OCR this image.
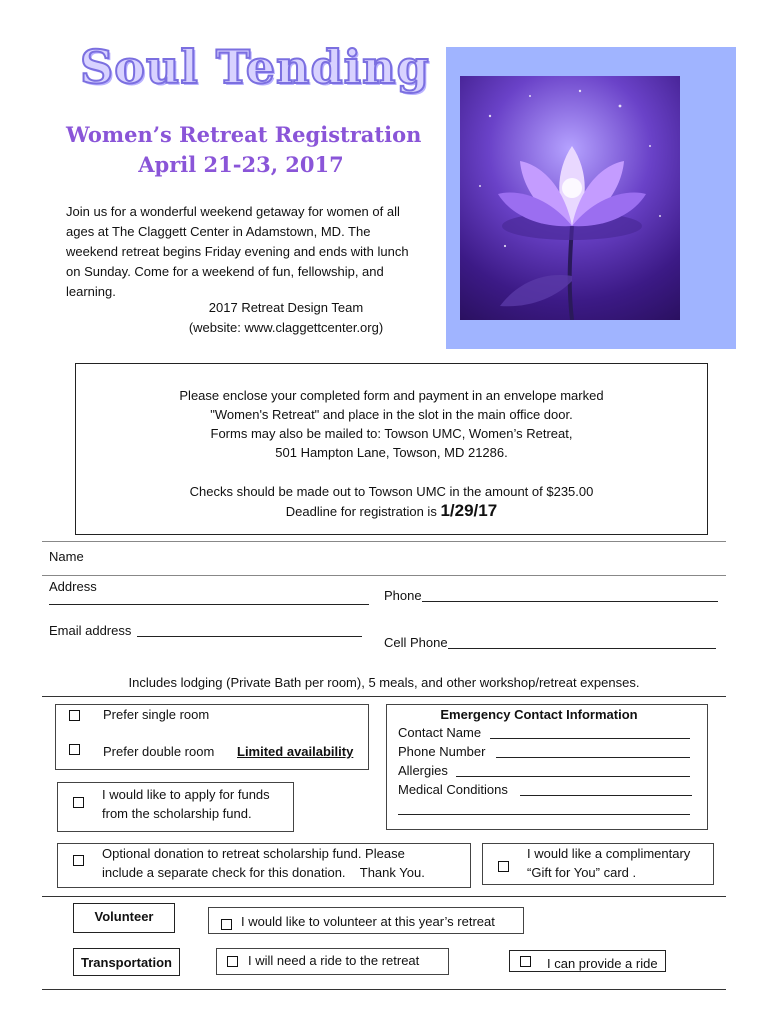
Soul Tending
Women’s Retreat Registration
April 21-23, 2017
Join us for a wonderful weekend getaway for women of all ages at The Claggett Center in Adamstown, MD. The weekend retreat begins Friday evening and ends with lunch on Sunday. Come for a weekend of fun, fellowship, and learning.
2017 Retreat Design Team
(website: www.claggettcenter.org)

Please enclose your completed form and payment in an envelope marked

"Women's Retreat" and place in the slot in the main office door.

Forms may also be mailed to: Towson UMC, Women’s Retreat,

501 Hampton Lane, Towson, MD 21286.

Checks should be made out to Towson UMC in the amount of $235.00

Deadline for registration is 1/29/17

Name
Address
Phone
Email address
Cell Phone
Includes lodging (Private Bath per room), 5 meals, and other workshop/retreat expenses.
Prefer single room
Prefer double room Limited availability
Emergency Contact Information
Contact Name
Phone Number
Allergies
Medical Conditions
I would like to apply for funds
from the scholarship fund.
Optional donation to retreat scholarship fund. Please
include a separate check for this donation.    Thank You.
I would like a complimentary
“Gift for You” card .
Volunteer	I would like to volunteer at this year’s retreat
Transportation	I will need a ride to the retreat	I can provide a ride
